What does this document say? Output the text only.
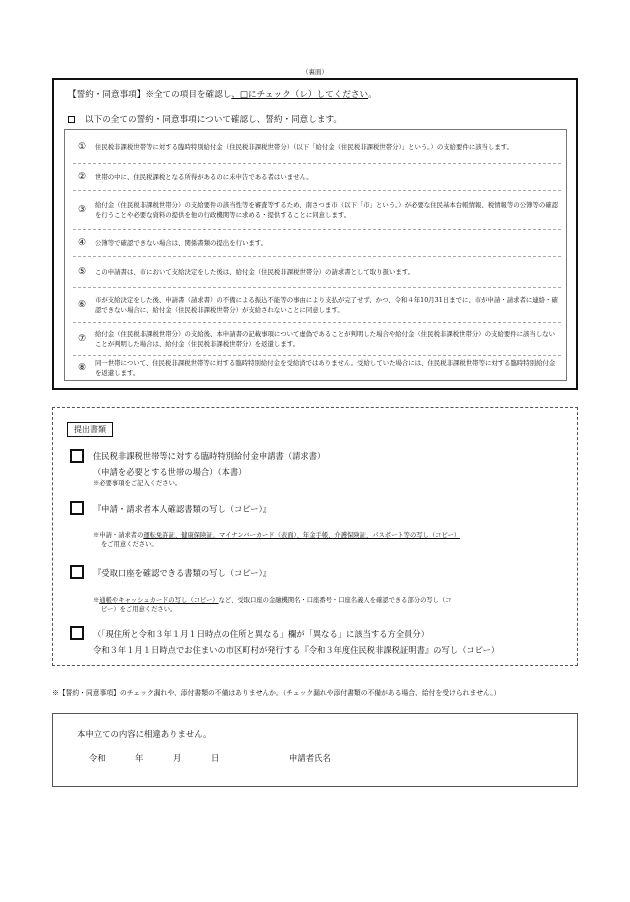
（裏面）
【誓約・同意事項】※全ての項目を確認し、□にチェック（レ）してください。
以下の全ての誓約・同意事項について確認し、誓約・同意します。
①	住民税非課税世帯等に対する臨時特別給付金（住民税非課税世帯分）（以下「給付金（住民税非課税世帯分）」という。）の支給要件に該当します。
②	世帯の中に、住民税課税となる所得があるのに未申告である者はいません。
③	給付金（住民税非課税世帯分）の支給要件の該当性等を審査等するため、南さつま市（以下「市」という。）が必要な住民基本台帳情報、税情報等の公簿等の確認を行うことや必要な資料の提供を他の行政機関等に求める・提供することに同意します。
④	公簿等で確認できない場合は、関係書類の提出を行います。
⑤	この申請書は、市において支給決定をした後は、給付金（住民税非課税世帯分）の請求書として取り扱います。
⑥	市が支給決定をした後、申請書（請求書）の不備による振込不能等の事由により支払が完了せず、かつ、令和４年10月31日までに、市が申請・請求者に連絡・確認できない場合に、給付金（住民税非課税世帯分）が支給されないことに同意します。
⑦	給付金（住民税非課税世帯分）の支給後、本申請書の記載事項について虚偽であることが判明した場合や給付金（住民税非課税世帯分）の支給要件に該当しないことが判明した場合は、給付金（住民税非課税世帯分）を返還します。
⑧	同一世帯について、住民税非課税世帯等に対する臨時特別給付金を受給済ではありません。受給していた場合には、住民税非課税世帯等に対する臨時特別給付金を返還します。
提出書類
住民税非課税世帯等に対する臨時特別給付金申請書（請求書）
（申請を必要とする世帯の場合）（本書）
※必要事項をご記入ください。
『申請・請求者本人確認書類の写し（コピー）』
※申請・請求者の運転免許証、健康保険証、マイナンバーカード（表面）、年金手帳、介護保険証、パスポート等の写し（コピー）
をご用意ください。
『受取口座を確認できる書類の写し（コピー）』
※通帳やキャッシュカードの写し（コピー）など、受取口座の金融機関名・口座番号・口座名義人を確認できる部分の写し（コ
ピー）をご用意ください。
（「現住所と令和３年１月１日時点の住所と異なる」欄が「異なる」に該当する方全員分）
令和３年１月１日時点でお住まいの市区町村が発行する『令和３年度住民税非課税証明書』の写し（コピー）
※【誓約・同意事項】のチェック漏れや、添付書類の不備はありませんか。（チェック漏れや添付書類の不備がある場合、給付を受けられません。）
本申立ての内容に相違ありません。
令和	年	月	日	申請者氏名
